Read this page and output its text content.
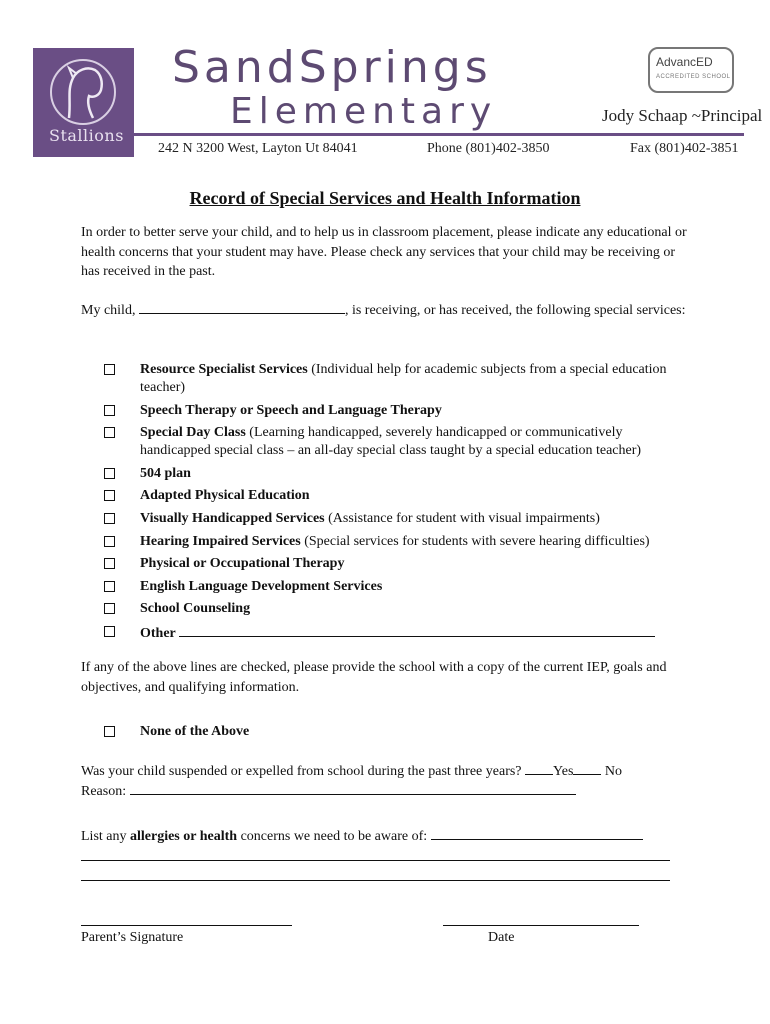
Stallions
SandSprings
Elementary
AdvancED
ACCREDITED SCHOOL
Jody Schaap ~Principal
242 N 3200 West, Layton Ut 84041	Phone (801)402-3850	Fax (801)402-3851
Record of Special Services and Health Information
In order to better serve your child, and to help us in classroom placement, please indicate any educational or health concerns that your student may have. Please check any services that your child may be receiving or has received in the past.
My child,	, is receiving, or has received, the following special services:
Resource Specialist Services (Individual help for academic subjects from a special education teacher)
Speech Therapy or Speech and Language Therapy
Special Day Class (Learning handicapped, severely handicapped or communicatively handicapped special class – an all-day special class taught by a special education teacher)
504 plan
Adapted Physical Education
Visually Handicapped Services (Assistance for student with visual impairments)
Hearing Impaired Services (Special services for students with severe hearing difficulties)
Physical or Occupational Therapy
English Language Development Services
School Counseling
Other
If any of the above lines are checked, please provide the school with a copy of the current IEP, goals and objectives, and qualifying information.
None of the Above
Was your child suspended or expelled from school during the past three years? Yes No
Reason:
List any allergies or health concerns we need to be aware of:
Parent’s Signature	Date
